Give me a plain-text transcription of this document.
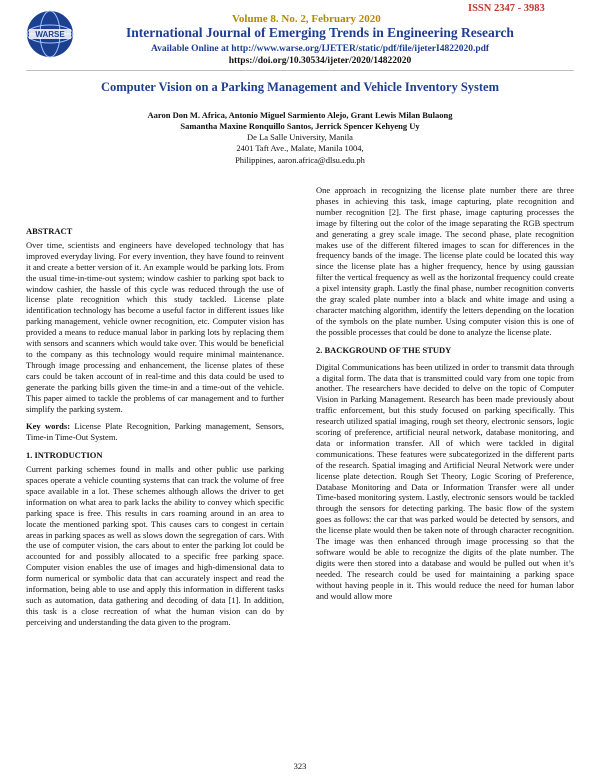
ISSN 2347 - 3983
Volume 8. No. 2, February 2020
WARSE	International Journal of Emerging Trends in Engineering Research
Available Online at http://www.warse.org/IJETER/static/pdf/file/ijeterI4822020.pdf
https://doi.org/10.30534/ijeter/2020/14822020
Computer Vision on a Parking Management and Vehicle Inventory System
Aaron Don M. Africa, Antonio Miguel Sarmiento Alejo, Grant Lewis Milan Bulaong
Samantha Maxine Ronquillo Santos, Jerrick Spencer Kehyeng Uy
De La Salle University, Manila
2401 Taft Ave., Malate, Manila 1004,
Philippines, aaron.africa@dlsu.edu.ph
ABSTRACT

Over time, scientists and engineers have developed technology that has improved everyday living. For every invention, they have found to reinvent it and create a better version of it. An example would be parking lots. From the usual time-in-time-out system; window cashier to parking spot back to window cashier, the hassle of this cycle was reduced through the use of license plate recognition which this study tackled. License plate identification technology has become a useful factor in different issues like parking management, vehicle owner recognition, etc. Computer vision has provided a means to reduce manual labor in parking lots by replacing them with sensors and scanners which would take over. This would be beneficial to the company as this technology would require minimal maintenance. Through image processing and enhancement, the license plates of these cars could be taken account of in real-time and this data could be used to generate the parking bills given the time-in and a time-out of the vehicle. This paper aimed to tackle the problems of car management and to further simplify the parking system.

Key words: License Plate Recognition, Parking management, Sensors, Time-in Time-Out System.

1. INTRODUCTION

Current parking schemes found in malls and other public use parking spaces operate a vehicle counting systems that can track the volume of free space available in a lot. These schemes although allows the driver to get information on what area to park lacks the ability to convey which specific parking space is free. This results in cars roaming around in an area to locate the mentioned parking spot. This causes cars to congest in certain areas in parking spaces as well as slows down the segregation of cars. With the use of computer vision, the cars about to enter the parking lot could be accounted for and possibly allocated to a specific free parking space. Computer vision enables the use of images and high-dimensional data to form numerical or symbolic data that can accurately inspect and read the information, being able to use and apply this information in different tasks such as automation, data gathering and decoding of data [1]. In addition, this task is a close recreation of what the human vision can do by perceiving and understanding the data given to the program.

One approach in recognizing the license plate number there are three phases in achieving this task, image capturing, plate recognition and number recognition [2]. The first phase, image capturing processes the image by filtering out the color of the image separating the RGB spectrum and generating a grey scale image. The second phase, plate recognition makes use of the different filtered images to scan for differences in the frequency bands of the image. The license plate could be located this way since the license plate has a higher frequency, hence by using gaussian filter the vertical frequency as well as the horizontal frequency could create a pixel intensity graph. Lastly the final phase, number recognition converts the gray scaled plate number into a black and white image and using a character matching algorithm, identify the letters depending on the location of the symbols on the plate number. Using computer vision this is one of the possible processes that could be done to analyze the license plate.

2. BACKGROUND OF THE STUDY

Digital Communications has been utilized in order to transmit data through a digital form. The data that is transmitted could vary from one topic from another. The researchers have decided to delve on the topic of Computer Vision in Parking Management. Research has been made previously about traffic enforcement, but this study focused on parking specifically. This research utilized spatial imaging, rough set theory, electronic sensors, logic scoring of preference, artificial neural network, database monitoring, and data or information transfer. All of which were tackled in digital communications. These features were subcategorized in the different parts of the research. Spatial imaging and Artificial Neural Network were under license plate detection. Rough Set Theory, Logic Scoring of Preference, Database Monitoring and Data or Information Transfer were all under Time-based monitoring system. Lastly, electronic sensors would be tackled through the sensors for detecting parking. The basic flow of the system goes as follows: the car that was parked would be detected by sensors, and the license plate would then be taken note of through character recognition. The image was then enhanced through image processing so that the software would be able to recognize the digits of the plate number. The digits were then stored into a database and would be pulled out when it’s needed. The research could be used for maintaining a parking space without having people in it. This would reduce the need for human labor and would allow more

323
